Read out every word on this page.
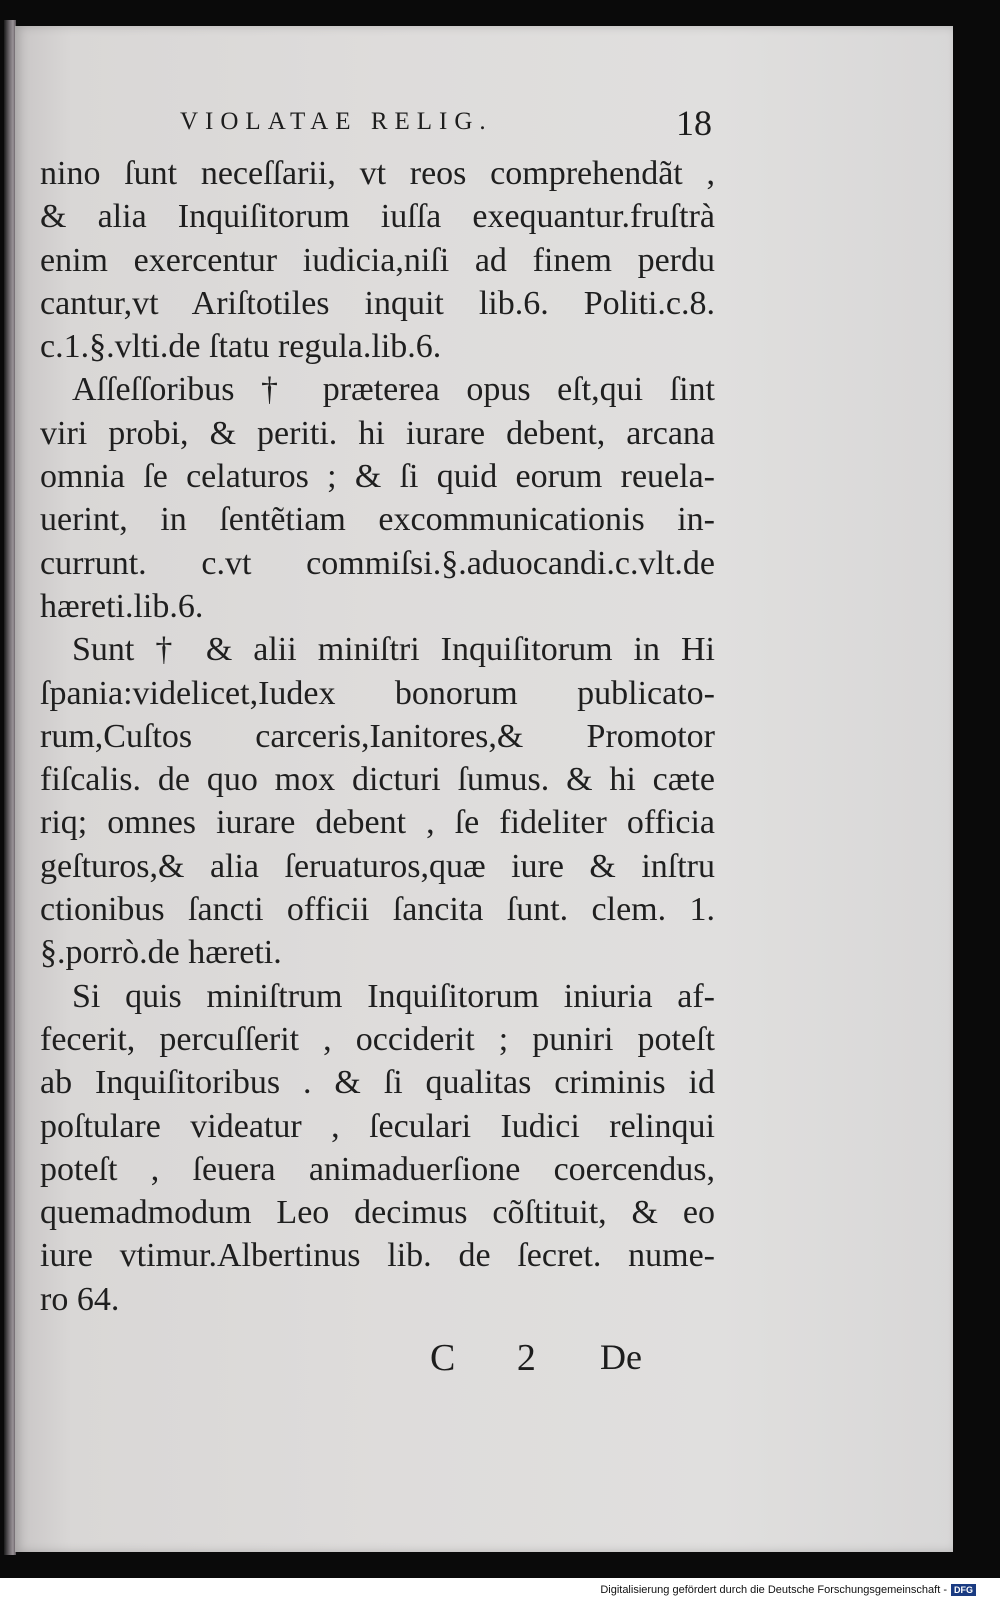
VIOLATAE RELIG.	18
nino ſunt neceſſarii, vt reos comprehendãt ,
& alia Inquiſitorum iuſſa exequantur.fruſtrà
enim exercentur iudicia,niſi ad finem perdu
cantur,vt Ariſtotiles inquit lib.6. Politi.c.8.
c.1.§.vlti.de ſtatu regula.lib.6.
Aſſeſſoribus † præterea opus eſt,qui ſint
viri probi, & periti. hi iurare debent, arcana
omnia ſe celaturos ; & ſi quid eorum reuela-
uerint, in ſentẽtiam excommunicationis in-
currunt. c.vt commiſsi.§.aduocandi.c.vlt.de
hæreti.lib.6.
Sunt † & alii miniſtri Inquiſitorum in Hi
ſpania:videlicet,Iudex bonorum publicato-
rum,Cuſtos carceris,Ianitores,& Promotor
fiſcalis. de quo mox dicturi ſumus. & hi cæte
riq; omnes iurare debent , ſe fideliter officia
geſturos,& alia ſeruaturos,quæ iure & inſtru
ctionibus ſancti officii ſancita ſunt. clem. 1.
§.porrò.de hæreti.
Si quis miniſtrum Inquiſitorum iniuria af-
fecerit, percuſſerit , occiderit ; puniri poteſt
ab Inquiſitoribus . & ſi qualitas criminis id
poſtulare videatur , ſeculari Iudici relinqui
poteſt , ſeuera animaduerſione coercendus,
quemadmodum Leo decimus cõſtituit, & eo
iure vtimur.Albertinus lib. de ſecret. nume-
ro 64.
C 2 De
Digitalisierung gefördert durch die Deutsche Forschungsgemeinschaft - DFG
